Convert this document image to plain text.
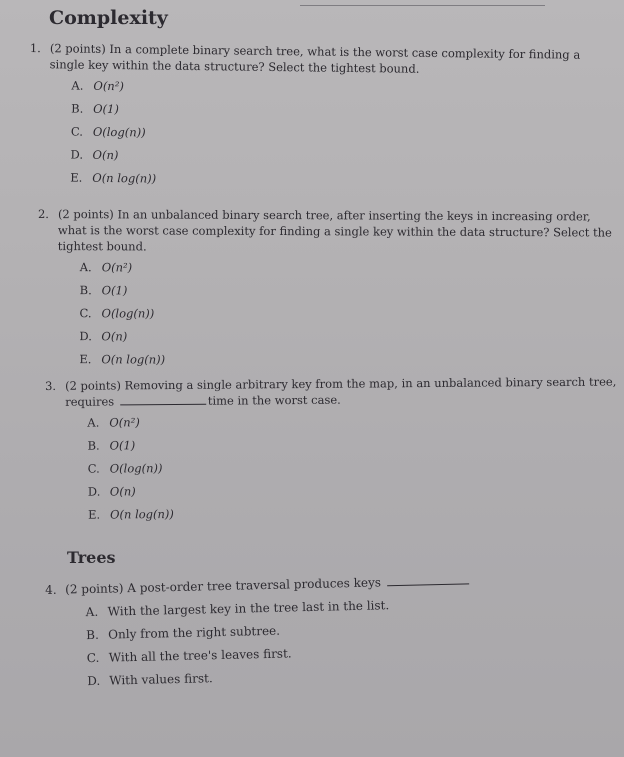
Complexity
1. (2 points) In a complete binary search tree, what is the worst case complexity for finding a
single key within the data structure? Select the tightest bound.
A. O(n²)
B. O(1)
C. O(log(n))
D. O(n)
E. O(n log(n))
2. (2 points) In an unbalanced binary search tree, after inserting the keys in increasing order,
what is the worst case complexity for finding a single key within the data structure? Select the
tightest bound.
A. O(n²)
B. O(1)
C. O(log(n))
D. O(n)
E. O(n log(n))
3. (2 points) Removing a single arbitrary key from the map, in an unbalanced binary search tree,
requires	time in the worst case.
A. O(n²)
B. O(1)
C. O(log(n))
D. O(n)
E. O(n log(n))
Trees
4. (2 points) A post-order tree traversal produces keys
A. With the largest key in the tree last in the list.
B. Only from the right subtree.
C. With all the tree's leaves first.
D. With values first.
